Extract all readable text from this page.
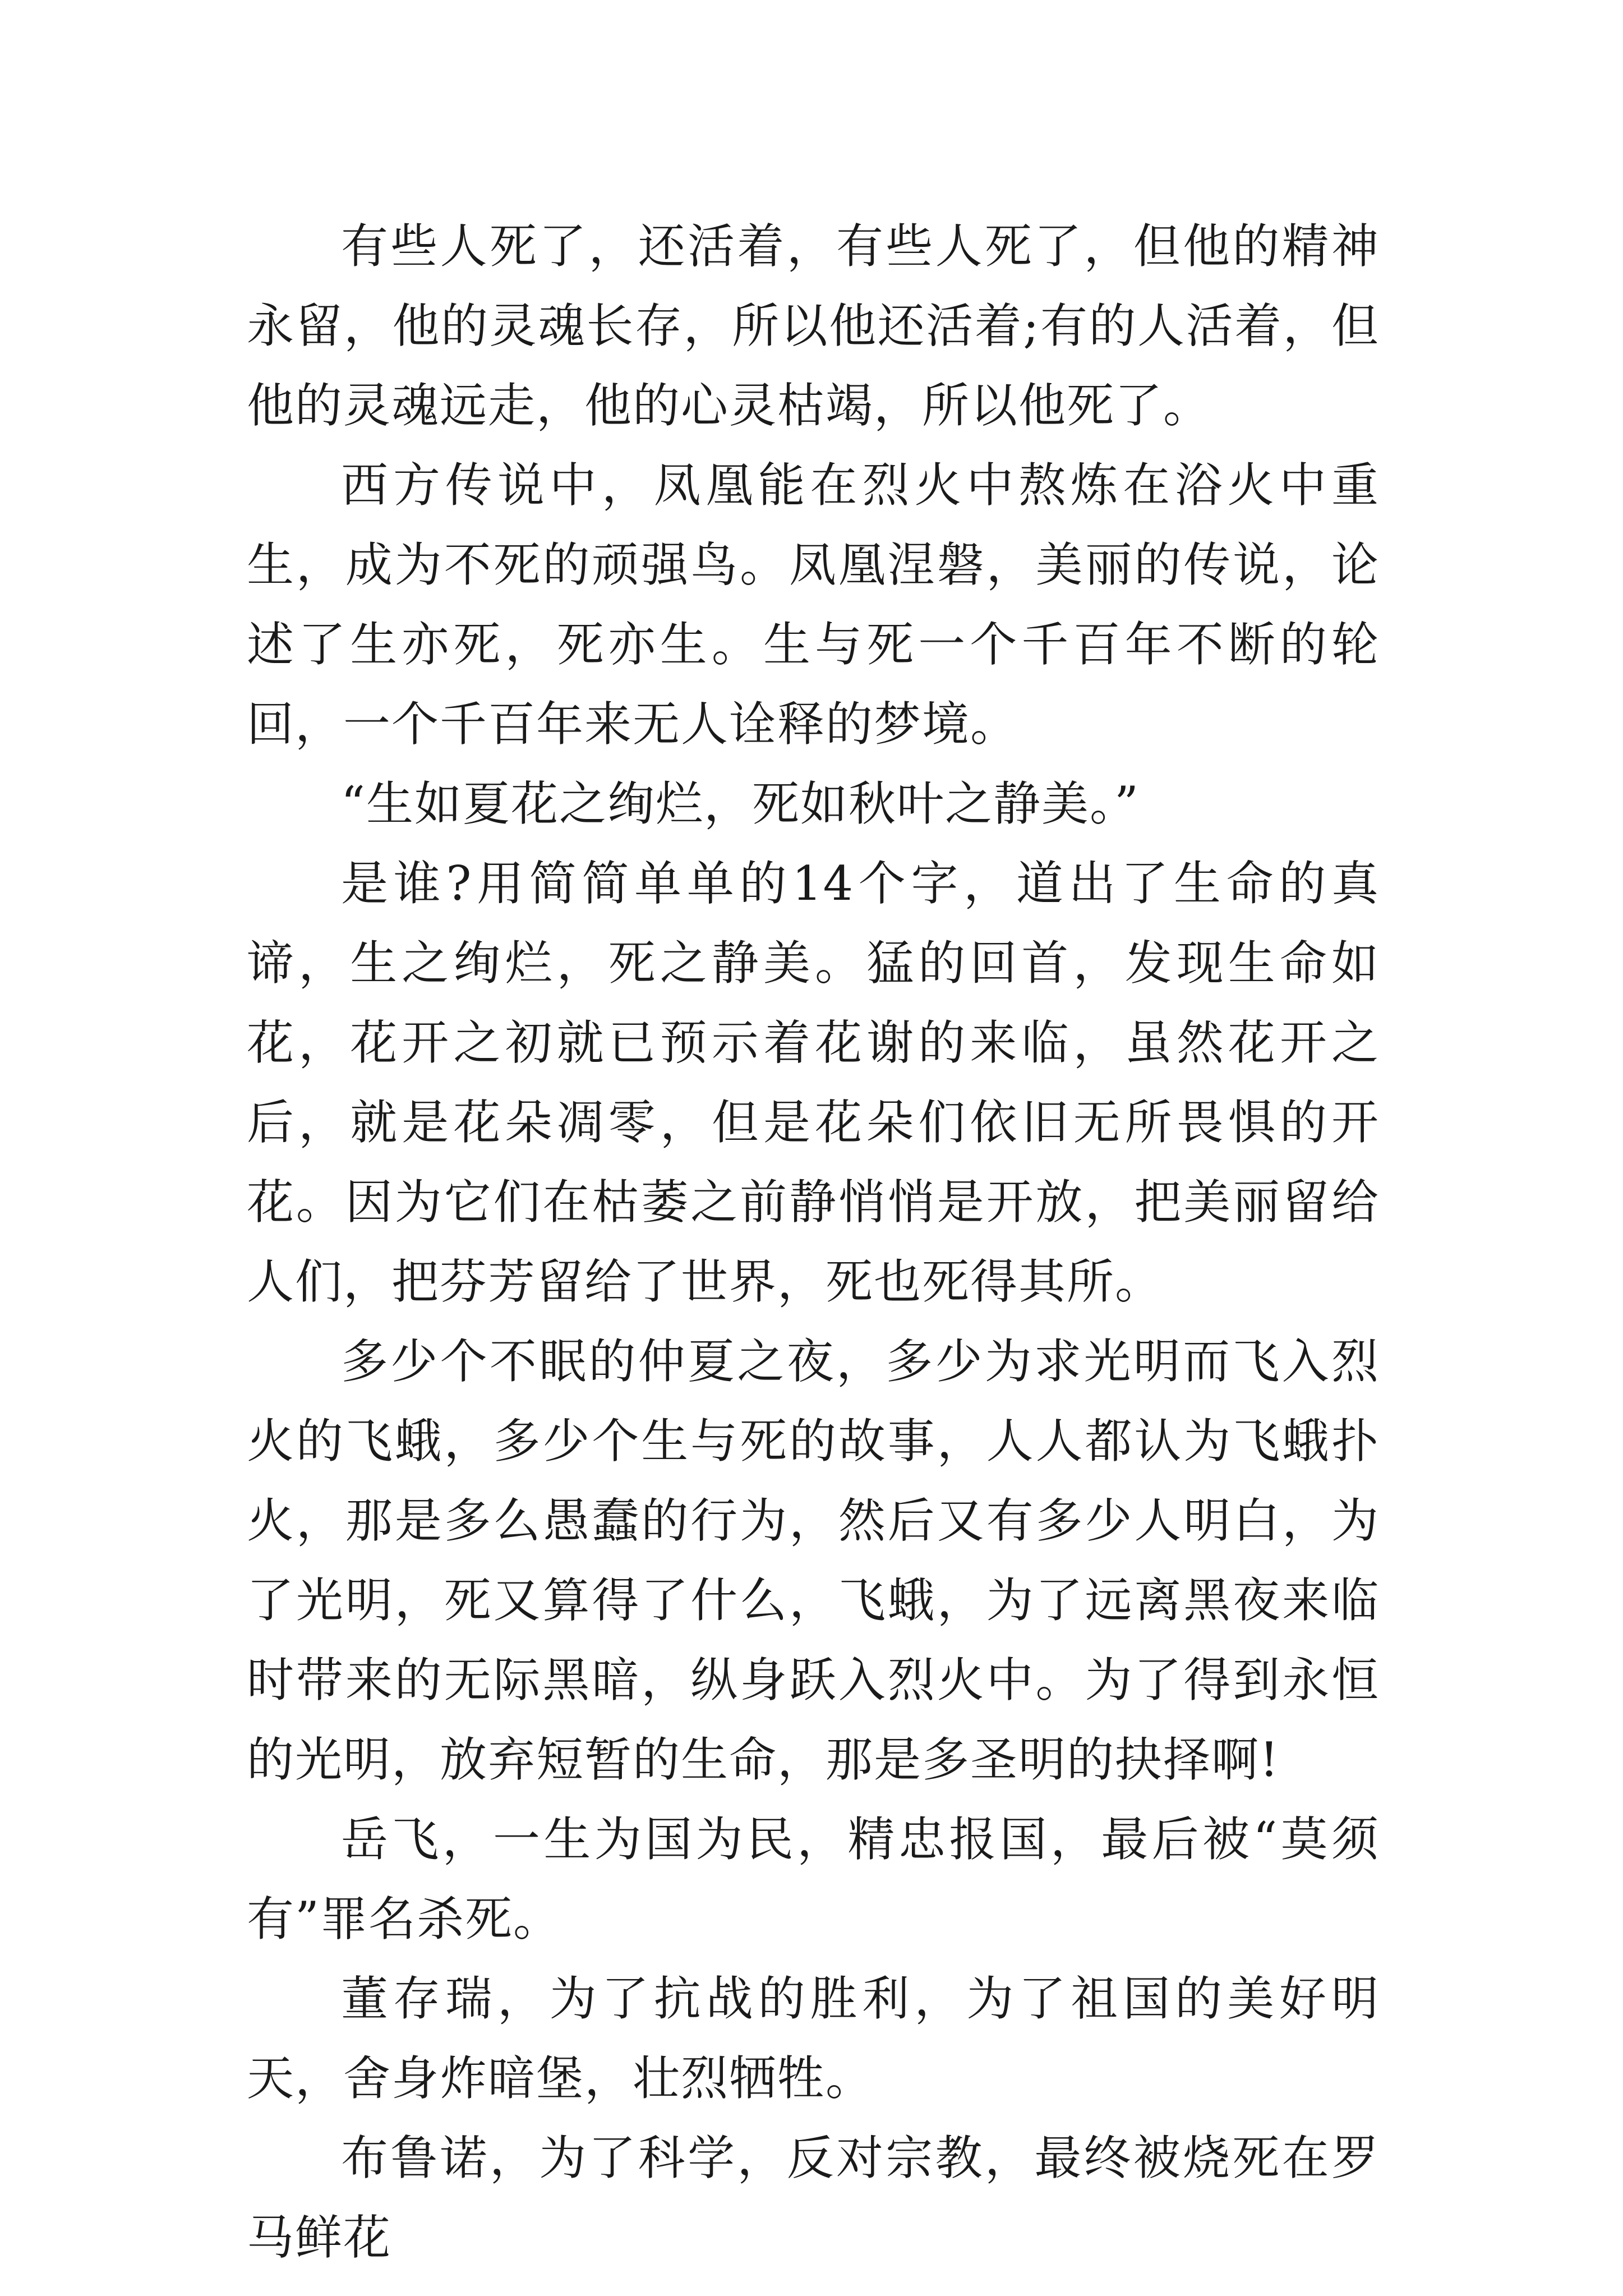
有些人死了，还活着，有些人死了，但他的精神永留，他的灵魂长存，所以他还活着;有的人活着，但他的灵魂远走，他的心灵枯竭，所以他死了。

西方传说中，凤凰能在烈火中熬炼在浴火中重生，成为不死的顽强鸟。凤凰涅磐，美丽的传说，论述了生亦死，死亦生。生与死一个千百年不断的轮回，一个千百年来无人诠释的梦境。

“生如夏花之绚烂，死如秋叶之静美。”

是谁?用简简单单的14个字，道出了生命的真谛，生之绚烂，死之静美。猛的回首，发现生命如花，花开之初就已预示着花谢的来临，虽然花开之后，就是花朵凋零，但是花朵们依旧无所畏惧的开花。因为它们在枯萎之前静悄悄是开放，把美丽留给人们，把芬芳留给了世界，死也死得其所。

多少个不眠的仲夏之夜，多少为求光明而飞入烈火的飞蛾，多少个生与死的故事，人人都认为飞蛾扑火，那是多么愚蠢的行为，然后又有多少人明白，为了光明，死又算得了什么，飞蛾，为了远离黑夜来临时带来的无际黑暗，纵身跃入烈火中。为了得到永恒的光明，放弃短暂的生命，那是多圣明的抉择啊!

岳飞，一生为国为民，精忠报国，最后被“莫须有”罪名杀死。

董存瑞，为了抗战的胜利，为了祖国的美好明天，舍身炸暗堡，壮烈牺牲。

布鲁诺，为了科学，反对宗教，最终被烧死在罗马鲜花
